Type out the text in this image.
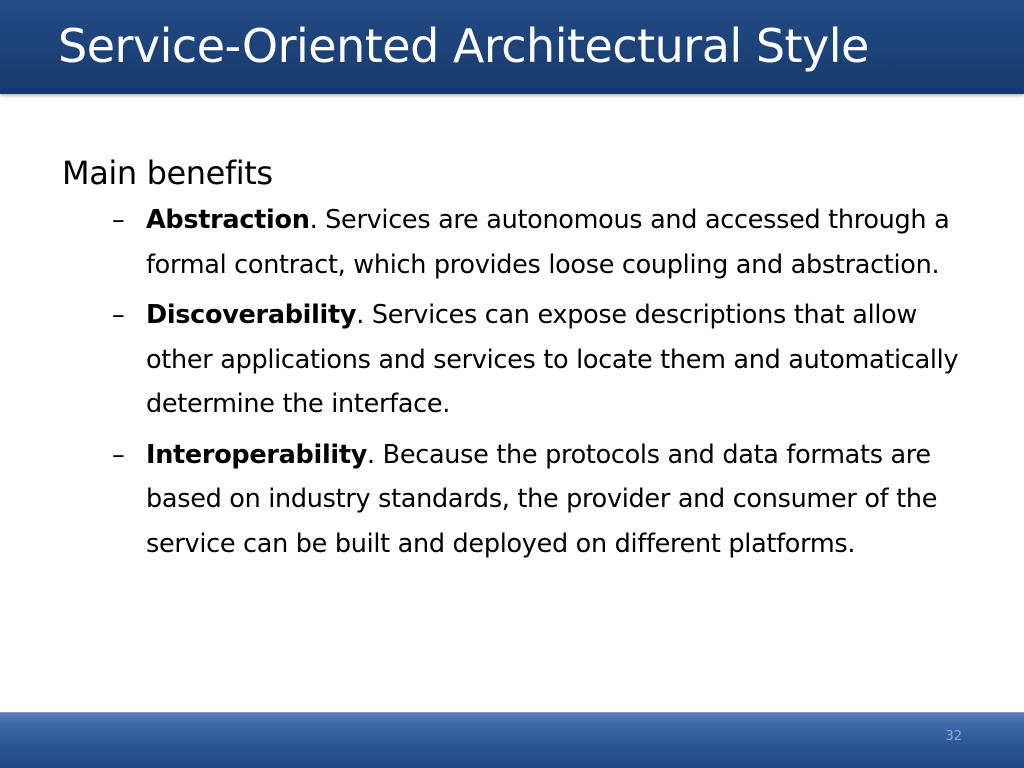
Service-Oriented Architectural Style

Main benefits

– Abstraction. Services are autonomous and accessed through a formal contract, which provides loose coupling and abstraction.
– Discoverability. Services can expose descriptions that allow other applications and services to locate them and automatically determine the interface.
– Interoperability. Because the protocols and data formats are based on industry standards, the provider and consumer of the service can be built and deployed on different platforms.
32
